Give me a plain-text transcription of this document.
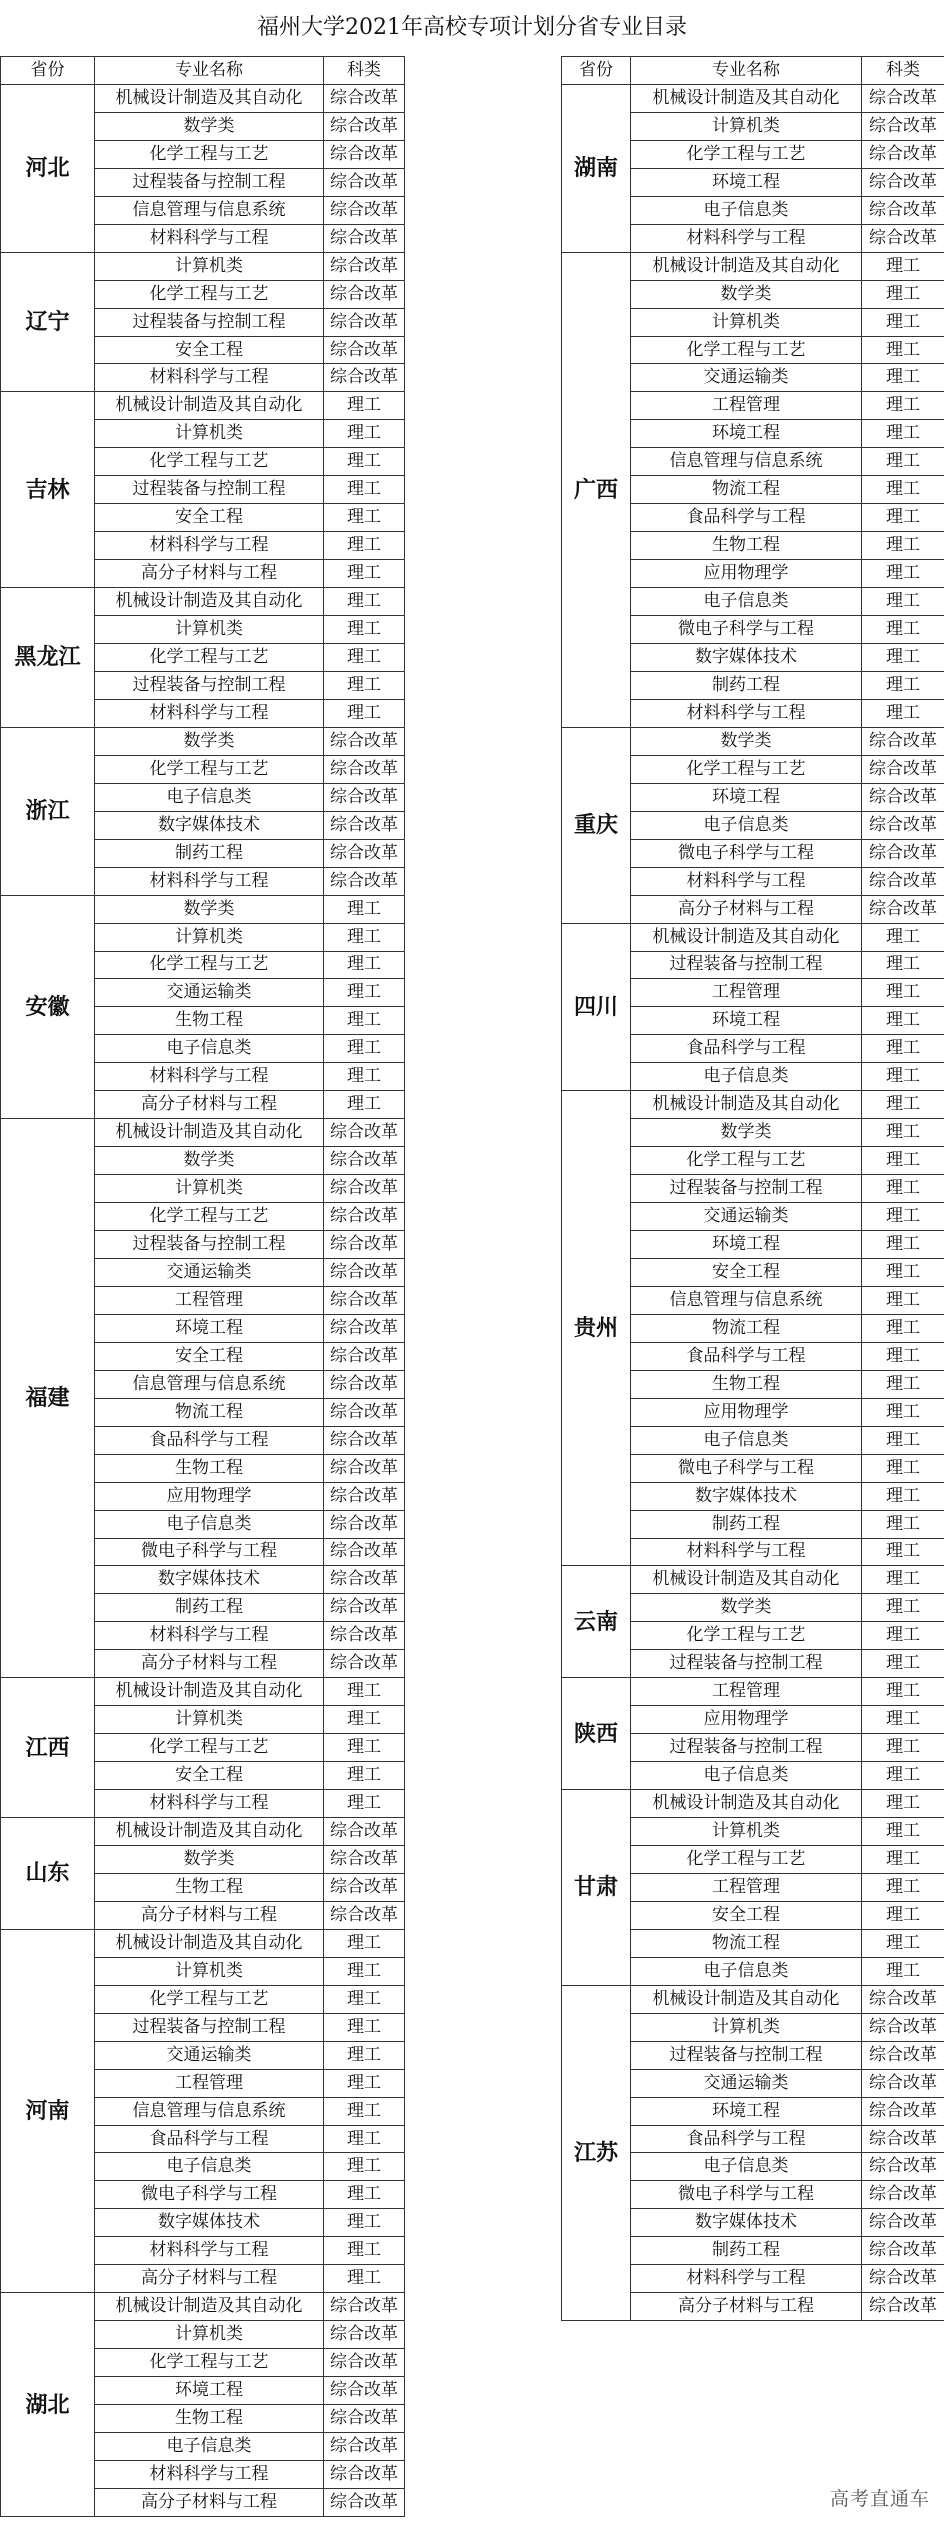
福州大学2021年高校专项计划分省专业目录
省份	专业名称	科类
河北	机械设计制造及其自动化	综合改革
	数学类	综合改革
	化学工程与工艺	综合改革
	过程装备与控制工程	综合改革
	信息管理与信息系统	综合改革
	材料科学与工程	综合改革
辽宁	计算机类	综合改革
	化学工程与工艺	综合改革
	过程装备与控制工程	综合改革
	安全工程	综合改革
	材料科学与工程	综合改革
吉林	机械设计制造及其自动化	理工
	计算机类	理工
	化学工程与工艺	理工
	过程装备与控制工程	理工
	安全工程	理工
	材料科学与工程	理工
	高分子材料与工程	理工
黑龙江	机械设计制造及其自动化	理工
	计算机类	理工
	化学工程与工艺	理工
	过程装备与控制工程	理工
	材料科学与工程	理工
浙江	数学类	综合改革
	化学工程与工艺	综合改革
	电子信息类	综合改革
	数字媒体技术	综合改革
	制药工程	综合改革
	材料科学与工程	综合改革
安徽	数学类	理工
	计算机类	理工
	化学工程与工艺	理工
	交通运输类	理工
	生物工程	理工
	电子信息类	理工
	材料科学与工程	理工
	高分子材料与工程	理工
福建	机械设计制造及其自动化	综合改革
	数学类	综合改革
	计算机类	综合改革
	化学工程与工艺	综合改革
	过程装备与控制工程	综合改革
	交通运输类	综合改革
	工程管理	综合改革
	环境工程	综合改革
	安全工程	综合改革
	信息管理与信息系统	综合改革
	物流工程	综合改革
	食品科学与工程	综合改革
	生物工程	综合改革
	应用物理学	综合改革
	电子信息类	综合改革
	微电子科学与工程	综合改革
	数字媒体技术	综合改革
	制药工程	综合改革
	材料科学与工程	综合改革
	高分子材料与工程	综合改革
江西	机械设计制造及其自动化	理工
	计算机类	理工
	化学工程与工艺	理工
	安全工程	理工
	材料科学与工程	理工
山东	机械设计制造及其自动化	综合改革
	数学类	综合改革
	生物工程	综合改革
	高分子材料与工程	综合改革
河南	机械设计制造及其自动化	理工
	计算机类	理工
	化学工程与工艺	理工
	过程装备与控制工程	理工
	交通运输类	理工
	工程管理	理工
	信息管理与信息系统	理工
	食品科学与工程	理工
	电子信息类	理工
	微电子科学与工程	理工
	数字媒体技术	理工
	材料科学与工程	理工
	高分子材料与工程	理工
湖北	机械设计制造及其自动化	综合改革
	计算机类	综合改革
	化学工程与工艺	综合改革
	环境工程	综合改革
	生物工程	综合改革
	电子信息类	综合改革
	材料科学与工程	综合改革
	高分子材料与工程	综合改革
省份	专业名称	科类
湖南	机械设计制造及其自动化	综合改革
	计算机类	综合改革
	化学工程与工艺	综合改革
	环境工程	综合改革
	电子信息类	综合改革
	材料科学与工程	综合改革
广西	机械设计制造及其自动化	理工
	数学类	理工
	计算机类	理工
	化学工程与工艺	理工
	交通运输类	理工
	工程管理	理工
	环境工程	理工
	信息管理与信息系统	理工
	物流工程	理工
	食品科学与工程	理工
	生物工程	理工
	应用物理学	理工
	电子信息类	理工
	微电子科学与工程	理工
	数字媒体技术	理工
	制药工程	理工
	材料科学与工程	理工
重庆	数学类	综合改革
	化学工程与工艺	综合改革
	环境工程	综合改革
	电子信息类	综合改革
	微电子科学与工程	综合改革
	材料科学与工程	综合改革
	高分子材料与工程	综合改革
四川	机械设计制造及其自动化	理工
	过程装备与控制工程	理工
	工程管理	理工
	环境工程	理工
	食品科学与工程	理工
	电子信息类	理工
贵州	机械设计制造及其自动化	理工
	数学类	理工
	化学工程与工艺	理工
	过程装备与控制工程	理工
	交通运输类	理工
	环境工程	理工
	安全工程	理工
	信息管理与信息系统	理工
	物流工程	理工
	食品科学与工程	理工
	生物工程	理工
	应用物理学	理工
	电子信息类	理工
	微电子科学与工程	理工
	数字媒体技术	理工
	制药工程	理工
	材料科学与工程	理工
云南	机械设计制造及其自动化	理工
	数学类	理工
	化学工程与工艺	理工
	过程装备与控制工程	理工
陕西	工程管理	理工
	应用物理学	理工
	过程装备与控制工程	理工
	电子信息类	理工
甘肃	机械设计制造及其自动化	理工
	计算机类	理工
	化学工程与工艺	理工
	工程管理	理工
	安全工程	理工
	物流工程	理工
	电子信息类	理工
江苏	机械设计制造及其自动化	综合改革
	计算机类	综合改革
	过程装备与控制工程	综合改革
	交通运输类	综合改革
	环境工程	综合改革
	食品科学与工程	综合改革
	电子信息类	综合改革
	微电子科学与工程	综合改革
	数字媒体技术	综合改革
	制药工程	综合改革
	材料科学与工程	综合改革
	高分子材料与工程	综合改革
高考直通车
